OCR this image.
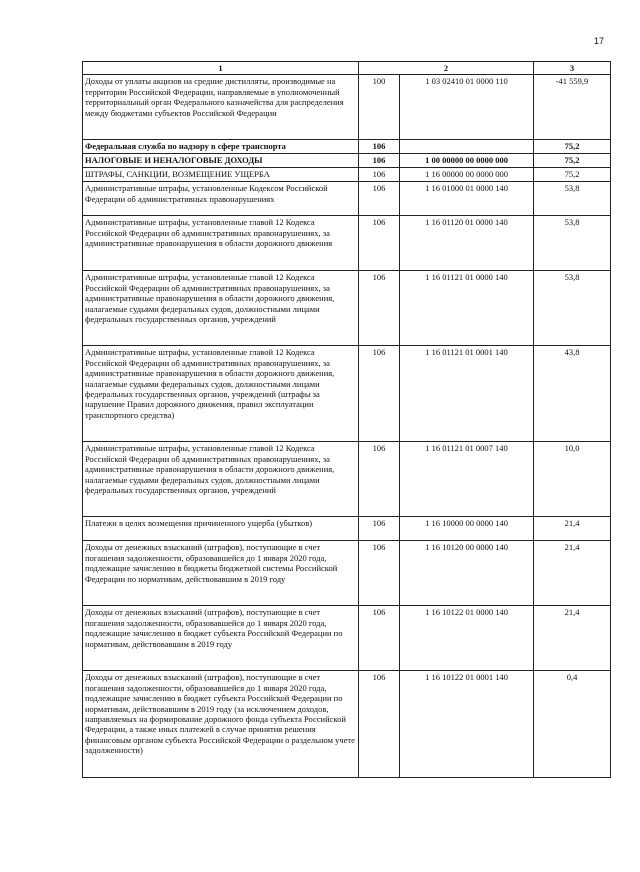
17
1	2		3
Доходы от уплаты акцизов на средние дистилляты, производимые на территории Российской Федерации, направляемые в уполномоченный территориальный орган Федерального казначейства для распределения между бюджетами субъектов Российской Федерации	100	1 03 02410 01 0000 110	-41 559,9
Федеральная служба по надзору в сфере транспорта	106		75,2
НАЛОГОВЫЕ И НЕНАЛОГОВЫЕ ДОХОДЫ	106	1 00 00000 00 0000 000	75,2
ШТРАФЫ, САНКЦИИ, ВОЗМЕЩЕНИЕ УЩЕРБА	106	1 16 00000 00 0000 000	75,2
Административные штрафы, установленные Кодексом Российской Федерации об административных правонарушениях	106	1 16 01000 01 0000 140	53,8
Административные штрафы, установленные главой 12 Кодекса Российской Федерации об административных правонарушениях, за административные правонарушения в области дорожного движения	106	1 16 01120 01 0000 140	53,8
Административные штрафы, установленные главой 12 Кодекса Российской Федерации об административных правонарушениях, за административные правонарушения в области дорожного движения, налагаемые судьями федеральных судов, должностными лицами федеральных государственных органов, учреждений	106	1 16 01121 01 0000 140	53,8
Административные штрафы, установленные главой 12 Кодекса Российской Федерации об административных правонарушениях, за административные правонарушения в области дорожного движения, налагаемые судьями федеральных судов, должностными лицами федеральных государственных органов, учреждений (штрафы за нарушение Правил дорожного движения, правил эксплуатации транспортного средства)	106	1 16 01121 01 0001 140	43,8
Административные штрафы, установленные главой 12 Кодекса Российской Федерации об административных правонарушениях, за административные правонарушения в области дорожного движения, налагаемые судьями федеральных судов, должностными лицами федеральных государственных органов, учреждений	106	1 16 01121 01 0007 140	10,0
Платежи в целях возмещения причиненного ущерба (убытков)	106	1 16 10000 00 0000 140	21,4
Доходы от денежных взысканий (штрафов), поступающие в счет погашения задолженности, образовавшейся до 1 января 2020 года, подлежащие зачислению в бюджеты бюджетной системы Российской Федерации по нормативам, действовавшим в 2019 году	106	1 16 10120 00 0000 140	21,4
Доходы от денежных взысканий (штрафов), поступающие в счет погашения задолженности, образовавшейся до 1 января 2020 года, подлежащие зачислению в бюджет субъекта Российской Федерации по нормативам, действовавшим в 2019 году	106	1 16 10122 01 0000 140	21,4
Доходы от денежных взысканий (штрафов), поступающие в счет погашения задолженности, образовавшейся до 1 января 2020 года, подлежащие зачислению в бюджет субъекта Российской Федерации по нормативам, действовавшим в 2019 году (за исключением доходов, направляемых на формирование дорожного фонда субъекта Российской Федерации, а также иных платежей в случае принятия решения финансовым органом субъекта Российской Федерации о раздельном учете задолженности)	106	1 16 10122 01 0001 140	0,4
